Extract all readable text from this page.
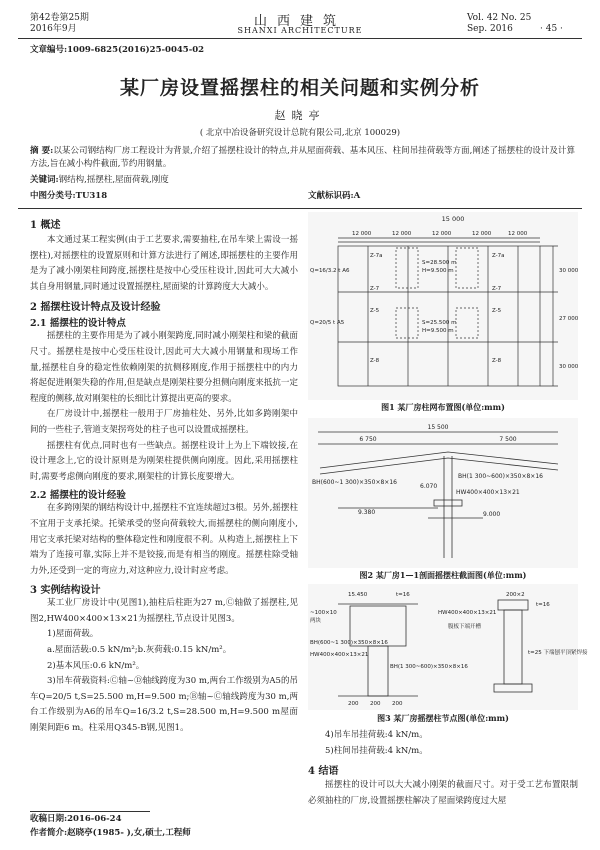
第42卷第25期
2016年9月	山西建筑
SHANXI ARCHITECTURE
Vol. 42 No. 25
Sep. 2016	· 45 ·
文章编号:1009-6825(2016)25-0045-02
某厂房设置摇摆柱的相关问题和实例分析
赵晓亭
( 北京中冶设备研究设计总院有限公司,北京 100029)
摘 要:以某公司钢结构厂房工程设计为背景,介绍了摇摆柱设计的特点,并从屋面荷载、基本风压、柱间吊挂荷载等方面,阐述了摇摆柱的设计及计算方法,旨在减小构件截面,节约用钢量。
关键词:钢结构,摇摆柱,屋面荷载,刚度
中图分类号:TU318	文献标识码:A
1 概述
本文通过某工程实例(由于工艺要求,需要抽柱,在吊车梁上需设一摇摆柱),对摇摆柱的设置原则和计算方法进行了阐述,即摇摆柱的主要作用是为了减小刚架柱间跨度,摇摆柱是按中心受压柱设计,因此可大大减小其自身用钢量,同时通过设置摇摆柱,屋面梁的计算跨度大大减小。
2 摇摆柱设计特点及设计经验
2.1 摇摆柱的设计特点
摇摆柱的主要作用是为了减小刚架跨度,同时减小刚架柱和梁的截面尺寸。摇摆柱是按中心受压柱设计,因此可大大减小用钢量和现场工作量,摇摆柱自身的稳定性依赖刚架的抗侧移刚度,作用于摇摆柱中的内力将起促进刚架失稳的作用,但是缺点是刚架柱要分担侧向刚度来抵抗一定程度的侧移,故对刚架柱的长细比计算提出更高的要求。
在厂房设计中,摇摆柱一般用于厂房抽柱处、另外,比如多跨刚架中间的一些柱子,管道支架拐弯处的柱子也可以设置成摇摆柱。
摇摆柱有优点,同时也有一些缺点。摇摆柱设计上为上下端铰接,在设计理念上,它的设计原则是为刚架柱提供侧向刚度。因此,采用摇摆柱时,需要考虑侧向刚度的要求,刚架柱的计算长度要增大。
2.2 摇摆柱的设计经验
在多跨刚架的钢结构设计中,摇摆柱不宜连续超过3根。另外,摇摆柱不宜用于支承托梁。托梁承受的竖向荷载较大,而摇摆柱的侧向刚度小,用它支承托梁对结构的整体稳定性和刚度很不利。从构造上,摇摆柱上下端为了连接可靠,实际上并不是铰接,而是有相当的刚度。摇摆柱除受轴力外,还受到一定的弯应力,对这种应力,设计时应考虑。
3 实例结构设计
某工业厂房设计中(见图1),抽柱后柱距为27 m,Ⓒ轴做了摇摆柱,见图2,HW400×400×13×21为摇摆柱,节点设计见图3。
1)屋面荷载。
a.屋面活载:0.5 kN/m²;b.灰荷载:0.15 kN/m²。
2)基本风压:0.6 kN/m²。
3)吊车荷载资料:Ⓒ轴~Ⓓ轴线跨度为30 m,两台工作级别为A5的吊车Q=20/5 t,S=25.500 m,H=9.500 m;Ⓑ轴~Ⓒ轴线跨度为30 m,两台工作级别为A6的吊车Q=16/3.2 t,S=28.500 m,H=9.500 m屋面刚架间距6 m。柱采用Q345-B钢,见图1。
收稿日期:2016-06-24
作者简介:赵晓亭(1985- ),女,硕士,工程师
15 000
12 000	12 000	12 000	12 000	12 000
Q=16/3.2 t A6
Q=20/5 t A5
S=28.500 m
H=9.500 m
S=25.500 m
H=9.500 m
Z-7a	Z-7a
Z-7	Z-7
Z-5	Z-5
Z-8	Z-8
30 000
27 000
30 000
图1 某厂房柱网布置图(单位:mm)
15 500
6 750	7 500
BH(600~1 300)×350×8×16
BH(1 300~600)×350×8×16
HW400×400×13×21
9.380
6.070
9.000
图2 某厂房1—1剖面摇摆柱截面图(单位:mm)
15.450	t=16
~100×10
两块
BH(600~1 300)×350×8×16
HW400×400×13×21
BH(1 300~600)×350×8×16
200 200 200
200×2
HW400×400×13×21
腹板下端开槽
t=25 下端刨平顶紧焊接
t=16
图3 某厂房摇摆柱节点图(单位:mm)
4)吊车吊挂荷载:4 kN/m。
5)柱间吊挂荷载:4 kN/m。
4 结语
摇摆柱的设计可以大大减小刚架的截面尺寸。对于受工艺布置限制必须抽柱的厂房,设置摇摆柱解决了屋面梁跨度过大屋
